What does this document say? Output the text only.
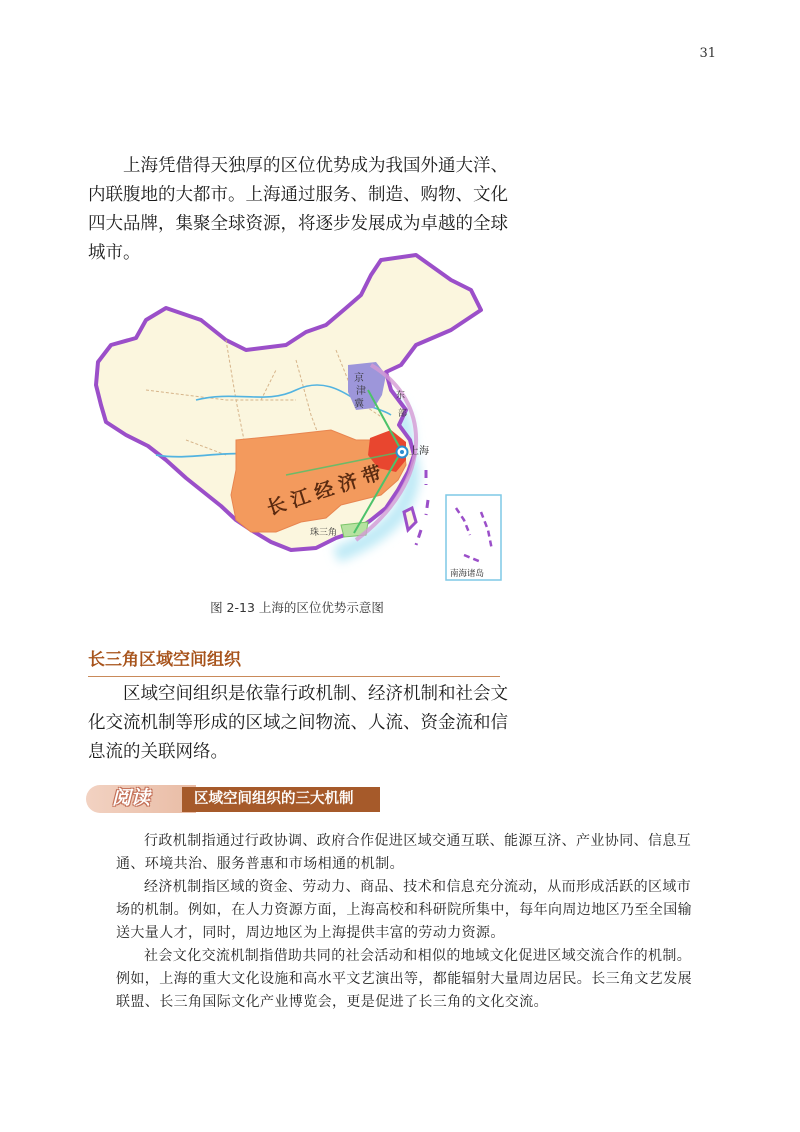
31

上海凭借得天独厚的区位优势成为我国外通大洋、内联腹地的大都市。上海通过服务、制造、购物、文化四大品牌，集聚全球资源，将逐步发展成为卓越的全球城市。

长江经济带
京
津
冀
东
部
上海
珠三角
南海诸岛
图 2-13 上海的区位优势示意图
长三角区域空间组织

区域空间组织是依靠行政机制、经济机制和社会文化交流机制等形成的区域之间物流、人流、资金流和信息流的关联网络。

阅读	区域空间组织的三大机制

行政机制指通过行政协调、政府合作促进区域交通互联、能源互济、产业协同、信息互通、环境共治、服务普惠和市场相通的机制。

经济机制指区域的资金、劳动力、商品、技术和信息充分流动，从而形成活跃的区域市场的机制。例如，在人力资源方面，上海高校和科研院所集中，每年向周边地区乃至全国输送大量人才，同时，周边地区为上海提供丰富的劳动力资源。

社会文化交流机制指借助共同的社会活动和相似的地域文化促进区域交流合作的机制。例如，上海的重大文化设施和高水平文艺演出等，都能辐射大量周边居民。长三角文艺发展联盟、长三角国际文化产业博览会，更是促进了长三角的文化交流。
